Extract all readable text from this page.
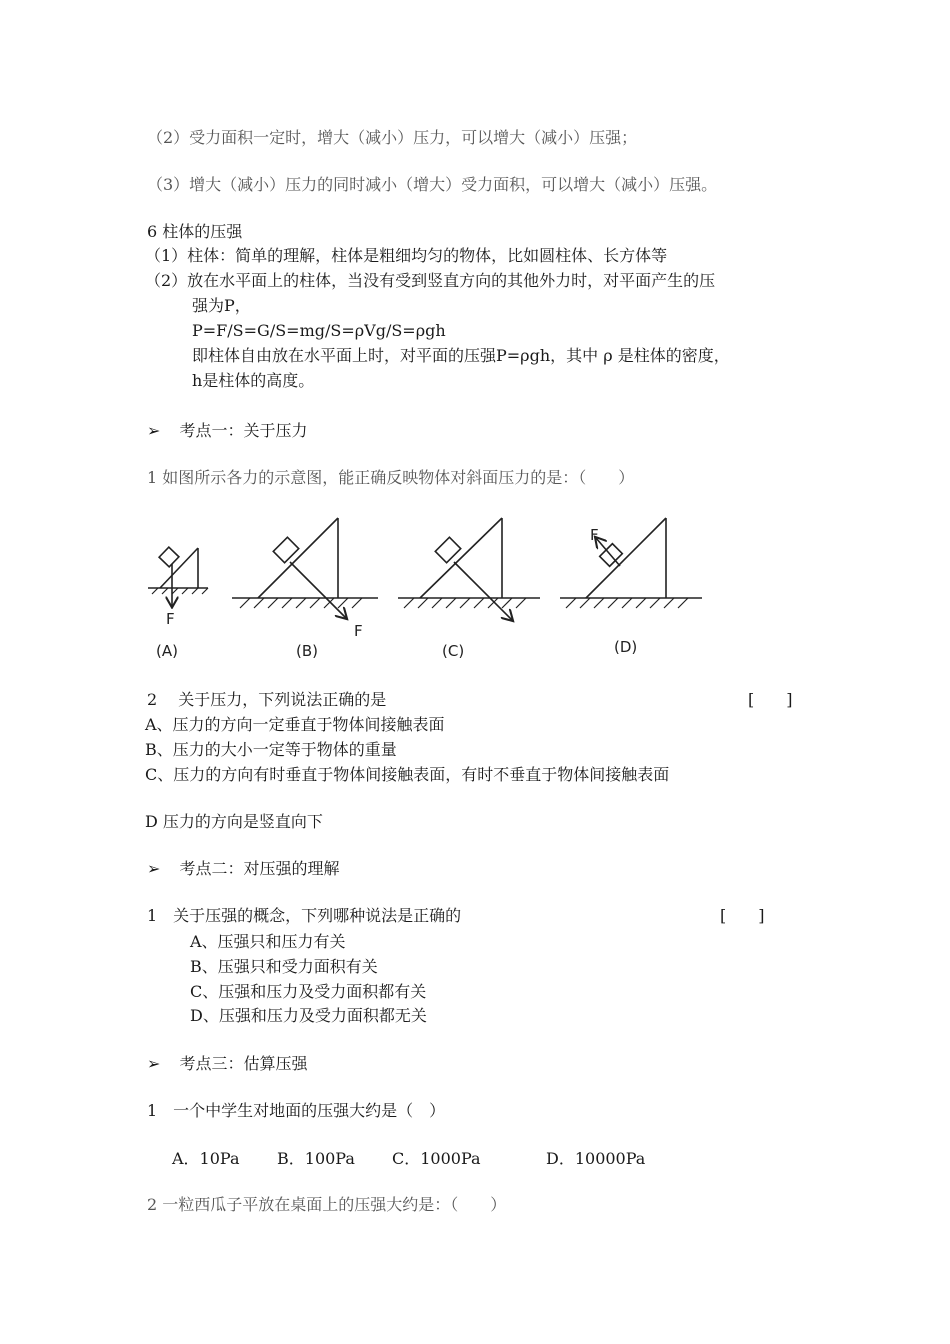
（2）受力面积一定时，增大（减小）压力，可以增大（减小）压强；
（3）增大（减小）压力的同时减小（增大）受力面积，可以增大（减小）压强。
6 柱体的压强
（1）柱体：简单的理解，柱体是粗细均匀的物体，比如圆柱体、长方体等
（2）放在水平面上的柱体，当没有受到竖直方向的其他外力时，对平面产生的压
强为P，
P=F/S=G/S=mg/S=ρVg/S=ρgh
即柱体自由放在水平面上时，对平面的压强P=ρgh，其中 ρ 是柱体的密度，
h是柱体的高度。
➢ 考点一：关于压力
1 如图所示各力的示意图，能正确反映物体对斜面压力的是：（　　）
F
F
F
(A)	(B)	(C)	(D)
2　 关于压力，下列说法正确的是	[　　]
A、压力的方向一定垂直于物体间接触表面
B、压力的大小一定等于物体的重量
C、压力的方向有时垂直于物体间接触表面，有时不垂直于物体间接触表面
D 压力的方向是竖直向下
➢ 考点二：对压强的理解
1　关于压强的概念，下列哪种说法是正确的	[　　]
A、压强只和压力有关
B、压强只和受力面积有关
C、压强和压力及受力面积都有关
D、压强和压力及受力面积都无关
➢ 考点三：估算压强
1　一个中学生对地面的压强大约是（　）
A．10Pa B．100Pa C．1000Pa	D．10000Pa
2 一粒西瓜子平放在桌面上的压强大约是：（　　）
